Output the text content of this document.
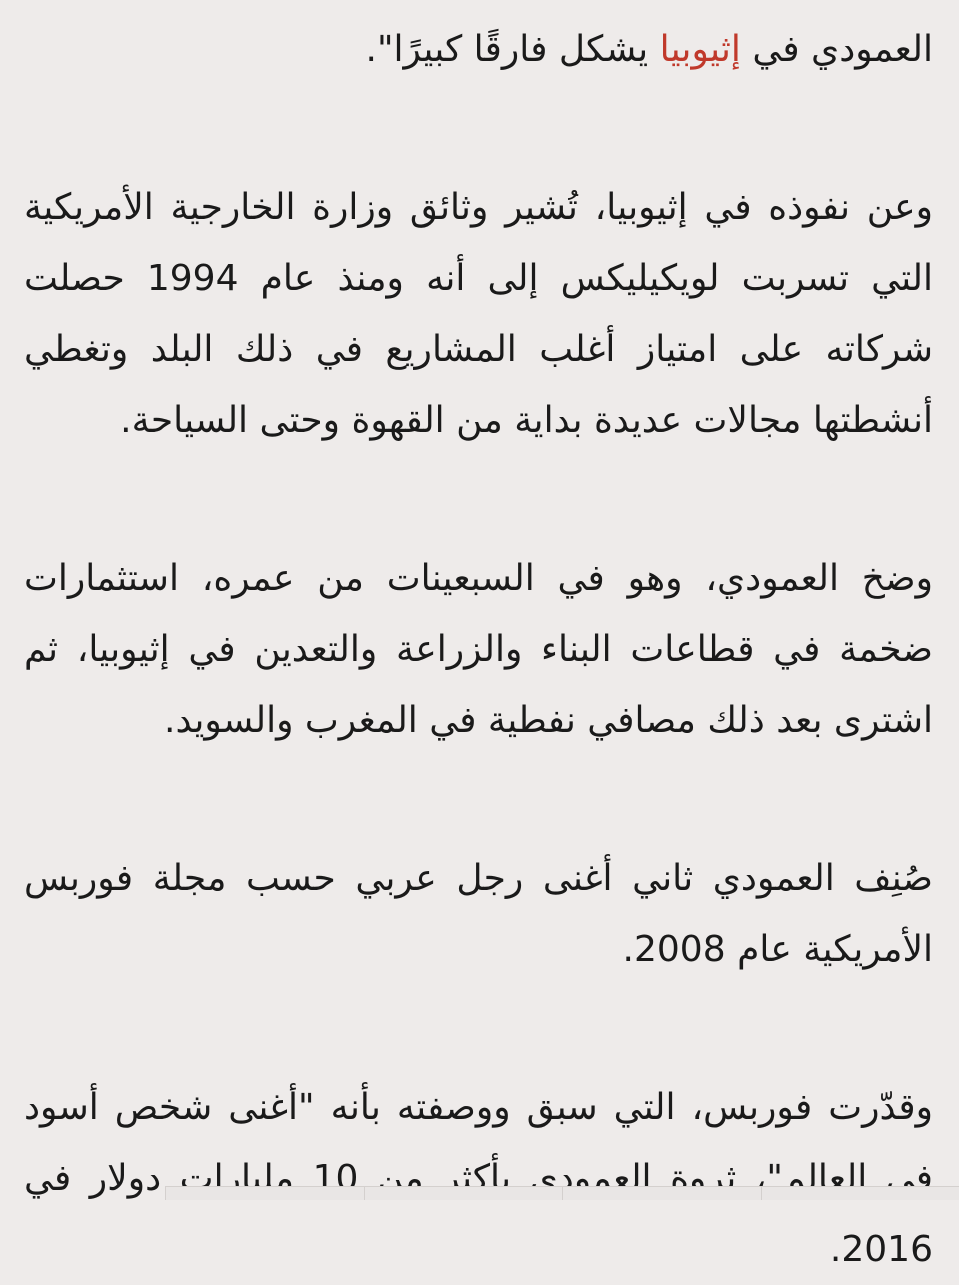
العمودي في إثيوبيا يشكل فارقًا كبيرًا".

وعن نفوذه في إثيوبيا، تُشير وثائق وزارة الخارجية الأمريكية التي تسربت لويكيليكس إلى أنه ومنذ عام 1994 حصلت شركاته على امتياز أغلب المشاريع في ذلك البلد وتغطي أنشطتها مجالات عديدة بداية من القهوة وحتى السياحة.

وضخ العمودي، وهو في السبعينات من عمره، استثمارات ضخمة في قطاعات البناء والزراعة والتعدين في إثيوبيا، ثم اشترى بعد ذلك مصافي نفطية في المغرب والسويد.

صُنِف العمودي ثاني أغنى رجل عربي حسب مجلة فوربس الأمريكية عام 2008.

وقدّرت فوربس، التي سبق ووصفته بأنه "أغنى شخص أسود في العالم"، ثروة العمودي بأكثر من 10 مليارات دولار في 2016.
